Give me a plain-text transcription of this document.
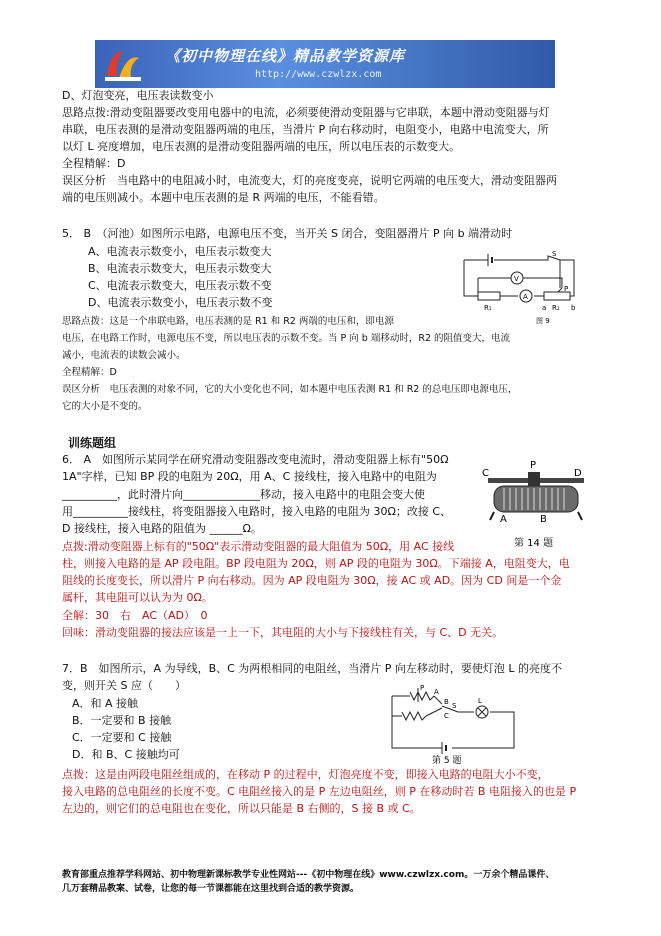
《初中物理在线》精品教学资源库
http://www.czwlzx.com
D、灯泡变亮，电压表读数变小
思路点拨:滑动变阻器要改变用电器中的电流，必须要使滑动变阻器与它串联，本题中滑动变阻器与灯
串联，电压表测的是滑动变阻器两端的电压，当滑片 P 向右移动时，电阻变小，电路中电流变大，所
以灯 L 亮度增加，电压表测的是滑动变阻器两端的电压，所以电压表的示数变大。
全程精解：D
误区分析　当电路中的电阻减小时，电流变大，灯的亮度变亮，说明它两端的电压变大，滑动变阻器两
端的电压则减小。本题中电压表测的是 R 两端的电压，不能看错。
5． B　（河池）如图所示电路，电源电压不变，当开关 S 闭合，变阻器滑片 P 向 b 端滑动时
A、电流表示数变小，电压表示数变大
B、电流表示数变大，电压表示数变大
C、电流表示数变大，电压表示数不变
D、电流表示数变小，电压表示数不变
V
A
S
R₁	R₂
P
a	b
图 9
思路点拨：这是一个串联电路，电压表测的是 R1 和 R2 两端的电压和，即电源
电压，在电路工作时，电源电压不变，所以电压表的示数不变。当 P 向 b 端移动时，R2 的阻值变大，电流
减小，电流表的读数会减小。
全程精解：D
误区分析　电压表测的对象不同，它的大小变化也不同，如本题中电压表测 R1 和 R2 的总电压即电源电压，
它的大小是不变的。
训练题组
6． A　如图所示某同学在研究滑动变阻器改变电流时，滑动变阻器上标有"50Ω
1A"字样，已知 BP 段的电阻为 20Ω，用 A、C 接线柱，接入电路中的电阻为
__________，此时滑片向______________移动，接入电路中的电阻会变大使
用__________接线柱，将变阻器接入电路时，接入电路的电阻为 30Ω；改接 C、
D 接线柱，接入电路的阻值为 ______Ω。
C
P
D
A	B
第 14 题
点拨:滑动变阻器上标有的"50Ω"表示滑动变阻器的最大阻值为 50Ω，用 AC 接线
柱，则接入电路的是 AP 段电阻。BP 段电阻为 20Ω，则 AP 段的电阻为 30Ω。下端接 A，电阻变大，电
阻线的长度变长，所以滑片 P 向右移动。因为 AP 段电阻为 30Ω，接 AC 或 AD。因为 CD 间是一个金
属杆，其电阻可以认为为 0Ω。
全解：30　右　AC（AD）　0
回味：滑动变阻器的接法应该是一上一下，其电阻的大小与下接线柱有关，与 C、D 无关。
7．B　如图所示，A 为导线，B、C 为两根相同的电阻丝，当滑片 P 向左移动时，要使灯泡 L 的亮度不
变，则开关 S 应（　　）
A．和 A 接触
B．一定要和 B 接触
C．一定要和 C 接触
D．和 B、C 接触均可
P A
B
C
S
L
第 5 题
点拨：这是由两段电阻丝组成的，在移动 P 的过程中，灯泡亮度不变，即接入电路的电阻大小不变，
接入电路的总电阻丝的长度不变。C 电阻丝接入的是 P 左边电阻丝，则 P 在移动时若 B 电阻接入的也是 P
左边的，则它们的总电阻也在变化，所以只能是 B 右侧的，S 接 B 或 C。
教育部重点推荐学科网站、初中物理新课标教学专业性网站---《初中物理在线》www.czwlzx.com。一万余个精品课件、
几万套精品教案、试卷，让您的每一节课都能在这里找到合适的教学资源。
